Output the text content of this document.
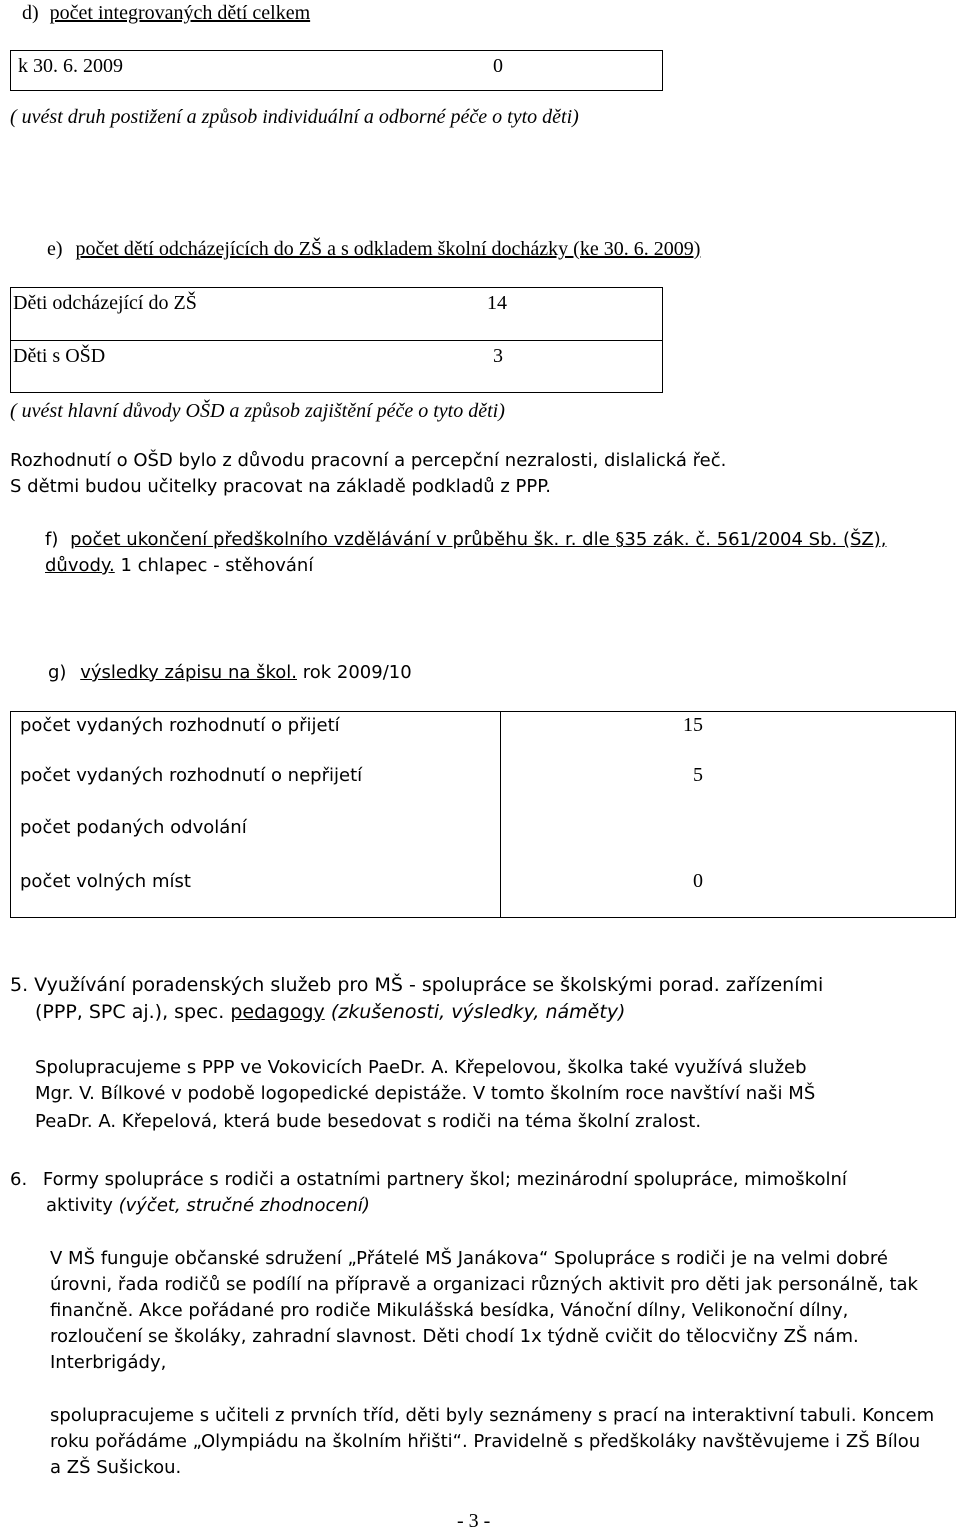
d) počet integrovaných dětí celkem
k 30. 6. 2009	0
( uvést druh postižení a způsob individuální a odborné péče o tyto děti)
e) počet dětí odcházejících do ZŠ a s odkladem školní docházky (ke 30. 6. 2009)
Děti odcházející do ZŠ	14
Děti s OŠD	3
( uvést hlavní důvody OŠD a způsob zajištění péče o tyto děti)
Rozhodnutí o OŠD bylo z důvodu pracovní a percepční nezralosti, dislalická řeč.
S dětmi budou učitelky pracovat na základě podkladů z PPP.
f) počet ukončení předškolního vzdělávání v průběhu šk. r. dle §35 zák. č. 561/2004 Sb. (ŠZ),
důvody. 1 chlapec - stěhování
g) výsledky zápisu na škol. rok 2009/10
počet vydaných rozhodnutí o přijetí	15
počet vydaných rozhodnutí o nepřijetí	5
počet podaných odvolání
počet volných míst	0
5. Využívání poradenských služeb pro MŠ - spolupráce se školskými porad. zařízeními
(PPP, SPC aj.), spec. pedagogy (zkušenosti, výsledky, náměty)
Spolupracujeme s PPP ve Vokovicích PaeDr. A. Křepelovou, školka také využívá služeb
Mgr. V. Bílkové v podobě logopedické depistáže. V tomto školním roce navštíví naši MŠ
PeaDr. A. Křepelová, která bude besedovat s rodiči na téma školní zralost.
6. Formy spolupráce s rodiči a ostatními partnery škol; mezinárodní spolupráce, mimoškolní
aktivity (výčet, stručné zhodnocení)
V MŠ funguje občanské sdružení „Přátelé MŠ Janákova“ Spolupráce s rodiči je na velmi dobré
úrovni, řada rodičů se podílí na přípravě a organizaci různých aktivit pro děti jak personálně, tak
finančně. Akce pořádané pro rodiče Mikulášská besídka, Vánoční dílny, Velikonoční dílny,
rozloučení se školáky, zahradní slavnost. Děti chodí 1x týdně cvičit do tělocvičny ZŠ nám.
Interbrigády,
spolupracujeme s učiteli z prvních tříd, děti byly seznámeny s prací na interaktivní tabuli. Koncem
roku pořádáme „Olympiádu na školním hřišti“. Pravidelně s předškoláky navštěvujeme i ZŠ Bílou
a ZŠ Sušickou.
- 3 -
